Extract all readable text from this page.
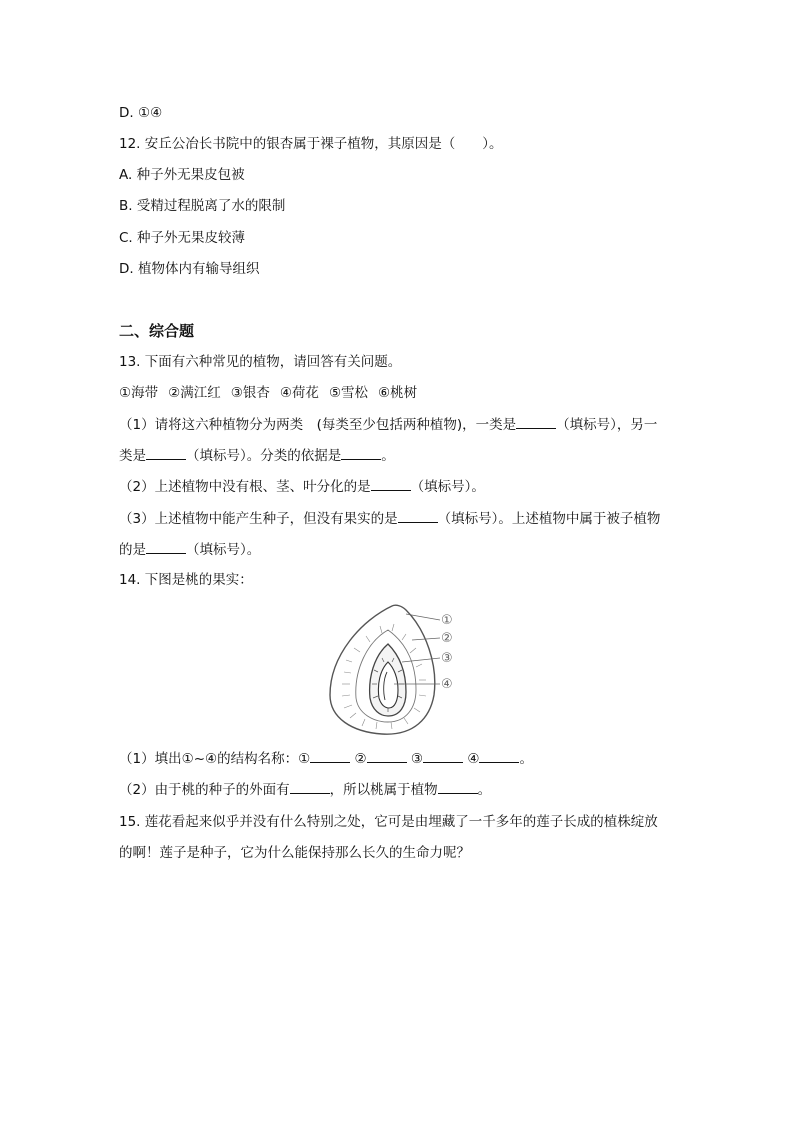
D. ①④
12. 安丘公冶长书院中的银杏属于裸子植物，其原因是（　　）。
A. 种子外无果皮包被
B. 受精过程脱离了水的限制
C. 种子外无果皮较薄
D. 植物体内有输导组织
二、综合题
13. 下面有六种常见的植物，请回答有关问题。
①海带 ②满江红 ③银杏 ④荷花 ⑤雪松 ⑥桃树
（1）请将这六种植物分为两类　(每类至少包括两种植物)，一类是	（填标号），另一
类是	（填标号）。分类的依据是	。
（2）上述植物中没有根、茎、叶分化的是	（填标号）。
（3）上述植物中能产生种子，但没有果实的是	（填标号）。上述植物中属于被子植物
的是	（填标号）。
14. 下图是桃的果实：
①
②
③
④
（1）填出①~④的结构名称：①	②	③	④	。
（2）由于桃的种子的外面有	，所以桃属于植物	。
15. 莲花看起来似乎并没有什么特别之处，它可是由埋藏了一千多年的莲子长成的植株绽放
的啊！莲子是种子，它为什么能保持那么长久的生命力呢？
